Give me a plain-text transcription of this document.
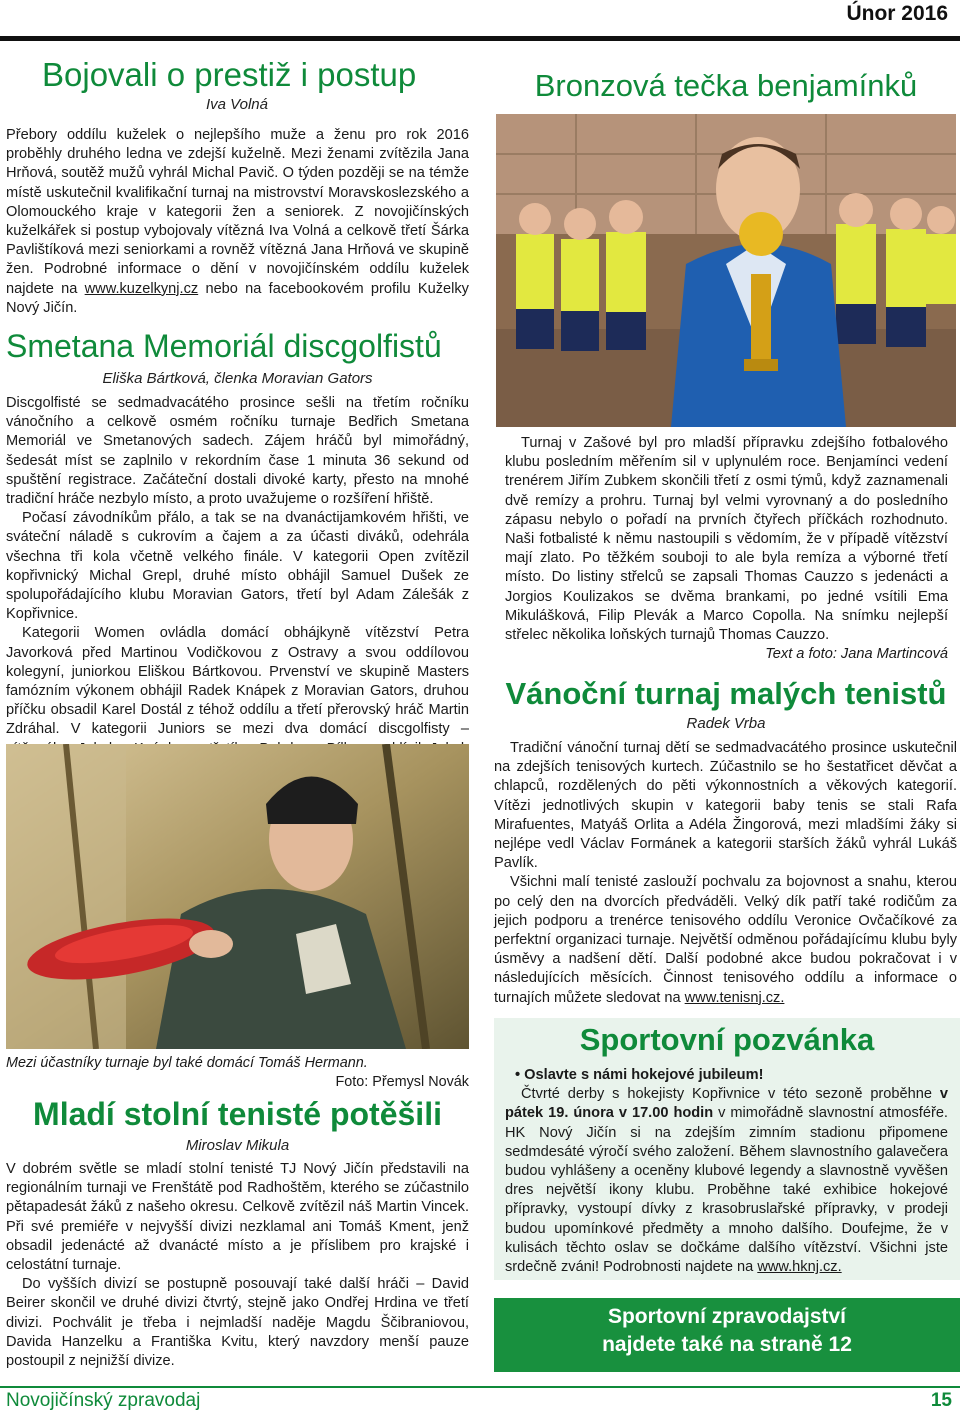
Únor 2016
Bojovali o prestiž i postup
Iva Volná

Přebory oddílu kuželek o nejlepšího muže a ženu pro rok 2016 proběhly druhého ledna ve zdejší kuželně. Mezi ženami zvítězila Jana Hrňová, soutěž mužů vyhrál Michal Pavič. O týden později se na témže místě uskutečnil kvalifikační turnaj na mistrovství Moravskoslezského a Olomouckého kraje v kategorii žen a seniorek. Z novojičínských kuželkářek si postup vybojovaly vítězná Iva Volná a celkově třetí Šárka Pavlištíková mezi seniorkami a rovněž vítězná Jana Hrňová ve skupině žen. Podrobné informace o dění v novojičínském oddílu kuželek najdete na www.kuzelkynj.cz nebo na facebookovém profilu Kuželky Nový Jičín.

Smetana Memoriál discgolfistů
Eliška Bártková, členka Moravian Gators

Discgolfisté se sedmadvacátého prosince sešli na třetím ročníku vánočního a celkově osmém ročníku turnaje Bedřich Smetana Memoriál ve Smetanových sadech. Zájem hráčů byl mimořádný, šedesát míst se zaplnilo v rekordním čase 1 minuta 36 sekund od spuštění registrace. Začáteční dostali divoké karty, přesto na mnohé tradiční hráče nezbylo místo, a proto uvažujeme o rozšíření hřiště.

Počasí závodníkům přálo, a tak se na dvanáctijamkovém hřišti, ve sváteční náladě s cukrovím a čajem a za účasti diváků, odehrála všechna tři kola včetně velkého finále. V kategorii Open zvítězil kopřivnický Michal Grepl, druhé místo obhájil Samuel Dušek ze spolupořádajícího klubu Moravian Gators, třetí byl Adam Zálešák z Kopřivnice.

Kategorii Women ovládla domácí obhájkyně vítězství Petra Javorková před Martinou Vodičkovou z Ostravy a svou oddílovou kolegyní, juniorkou Eliškou Bártkovou. Prvenství ve skupině Masters famózním výkonem obhájil Radek Knápek z Moravian Gators, druhou příčku obsadil Karel Dostál z téhož oddílu a třetí přerovský hráč Martin Zdráhal. V kategorii Juniors se mezi dva domácí discgolfisty –

Mezi účastníky turnaje byl také domácí Tomáš Hermann.
Foto: Přemysl Novák
Mladí stolní tenisté potěšili
Miroslav Mikula

V dobrém světle se mladí stolní tenisté TJ Nový Jičín představili na regionálním turnaji ve Frenštátě pod Radhoštěm, kterého se zúčastnilo pětapadesát žáků z našeho okresu. Celkově zvítězil náš Martin Vincek. Při své premiéře v nejvyšší divizi nezklamal ani Tomáš Kment, jenž obsadil jedenácté až dvanácté místo a je příslibem pro krajské i celostátní turnaje.

Do vyšších divizí se postupně posouvají také další hráči – David Beirer skončil ve druhé divizi čtvrtý, stejně jako Ondřej Hrdina ve třetí divizi. Pochválit je třeba i nejmladší naděje Magdu Ščibraniovou, Davida Hanzelku a Františka Kvitu, který navzdory menší pauze postoupil z nejnižší divize.

Bronzová tečka benjamínků

Turnaj v Zašové byl pro mladší přípravku zdejšího fotbalového klubu posledním měřením sil v uplynulém roce. Benjamínci vedení trenérem Jiřím Zubkem skončili třetí z osmi týmů, když zaznamenali dvě remízy a prohru. Turnaj byl velmi vyrovnaný a do posledního zápasu nebylo o pořadí na prvních čtyřech příčkách rozhodnuto. Naši fotbalisté k němu nastoupili s vědomím, že v případě vítězství mají zlato. Po těžkém souboji to ale byla remíza a výborné třetí místo. Do listiny střelců se zapsali Thomas Cauzzo s jedenácti a Jorgios Koulizakos se dvěma brankami, po jedné vsítili Ema Mikulášková, Filip Plevák a Marco Copolla. Na snímku nejlepší střelec několika loňských turnajů Thomas Cauzzo.
Text a foto: Jana Martincová

Vánoční turnaj malých tenistů
Radek Vrba

Tradiční vánoční turnaj dětí se sedmadvacátého prosince uskutečnil na zdejších tenisových kurtech. Zúčastnilo se ho šestatřicet děvčat a chlapců, rozdělených do pěti výkonnostních a věkových kategorií. Vítězi jednotlivých skupin v kategorii baby tenis se stali Rafa Mirafuentes, Matyáš Orlita a Adéla Žingorová, mezi mladšími žáky si nejlépe vedl Václav Formánek a kategorii starších žáků vyhrál Lukáš Pavlík.

Všichni malí tenisté zaslouží pochvalu za bojovnost a snahu, kterou po celý den na dvorcích předváděli. Velký dík patří také rodičům za jejich podporu a trenérce tenisového oddílu Veronice Ovčačíkové za perfektní organizaci turnaje. Největší odměnou pořádajícímu klubu byly úsměvy a nadšení dětí. Další podobné akce budou pokračovat i v následujících měsících. Činnost tenisového oddílu a informace o turnajích můžete sledovat na www.tenisnj.cz.

Sportovní pozvánka

• Oslavte s námi hokejové jubileum!

Čtvrté derby s hokejisty Kopřivnice v této sezoně proběhne v pátek 19. února v 17.00 hodin v mimořádně slavnostní atmosféře. HK Nový Jičín si na zdejším zimním stadionu připomene sedmdesáté výročí svého založení. Během slavnostního galavečera budou vyhlášeny a oceněny klubové legendy a slavnostně vyvěšen dres největší ikony klubu. Proběhne také exhibice hokejové přípravky, vystoupí dívky z krasobruslařské přípravky, v prodeji budou upomínkové předměty a mnoho dalšího. Doufejme, že v kulisách těchto oslav se dočkáme dalšího vítězství. Všichni jste srdečně zváni! Podrobnosti najdete na www.hknj.cz.

Sportovní zpravodajství
najdete také na straně 12
Novojičínský zpravodaj	15
